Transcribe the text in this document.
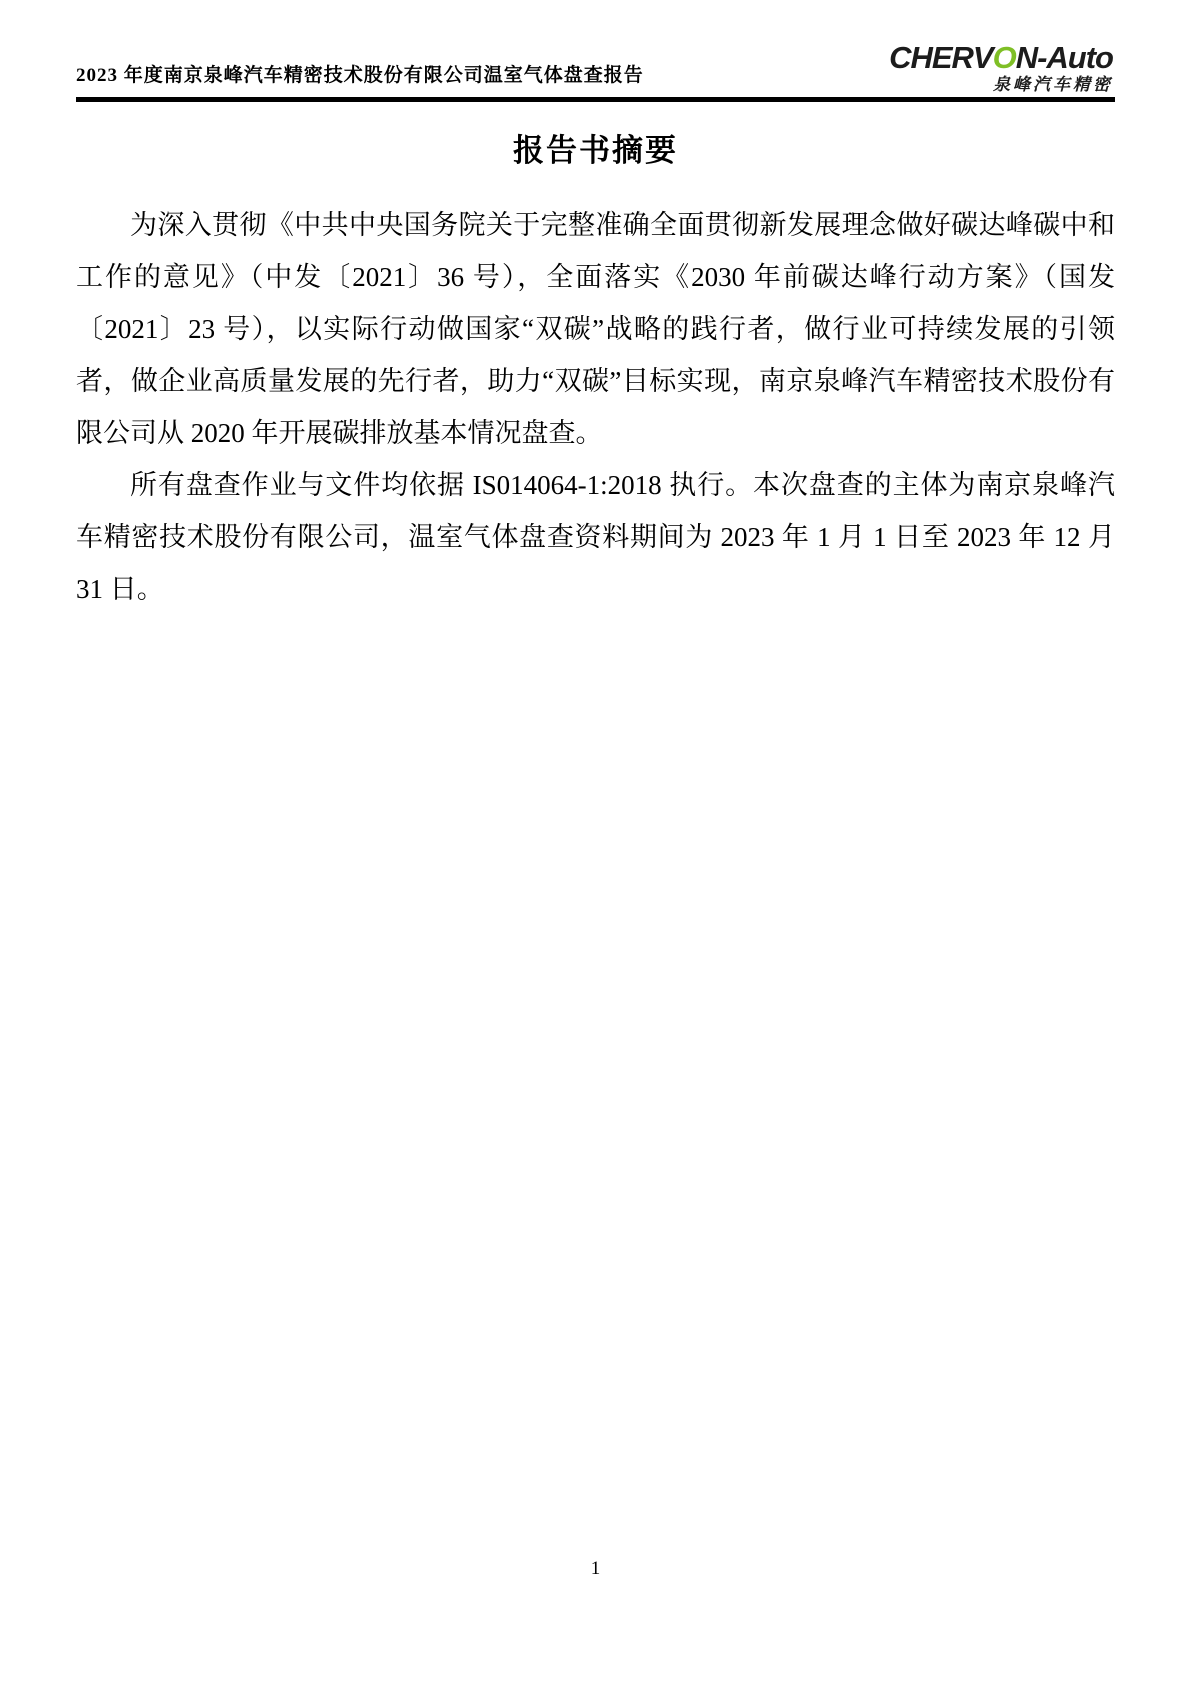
2023 年度南京泉峰汽车精密技术股份有限公司温室气体盘查报告
CHERVON-Auto
泉峰汽车精密
报告书摘要

为深入贯彻《中共中央国务院关于完整准确全面贯彻新发展理念做好碳达峰碳中和工作的意见》（中发〔2021〕36 号），全面落实《2030 年前碳达峰行动方案》（国发〔2021〕23 号），以实际行动做国家“双碳”战略的践行者，做行业可持续发展的引领者，做企业高质量发展的先行者，助力“双碳”目标实现，南京泉峰汽车精密技术股份有限公司从 2020 年开展碳排放基本情况盘查。

所有盘查作业与文件均依据 IS014064-1:2018 执行。本次盘查的主体为南京泉峰汽车精密技术股份有限公司，温室气体盘查资料期间为 2023 年 1 月 1 日至 2023 年 12 月 31 日。

1
